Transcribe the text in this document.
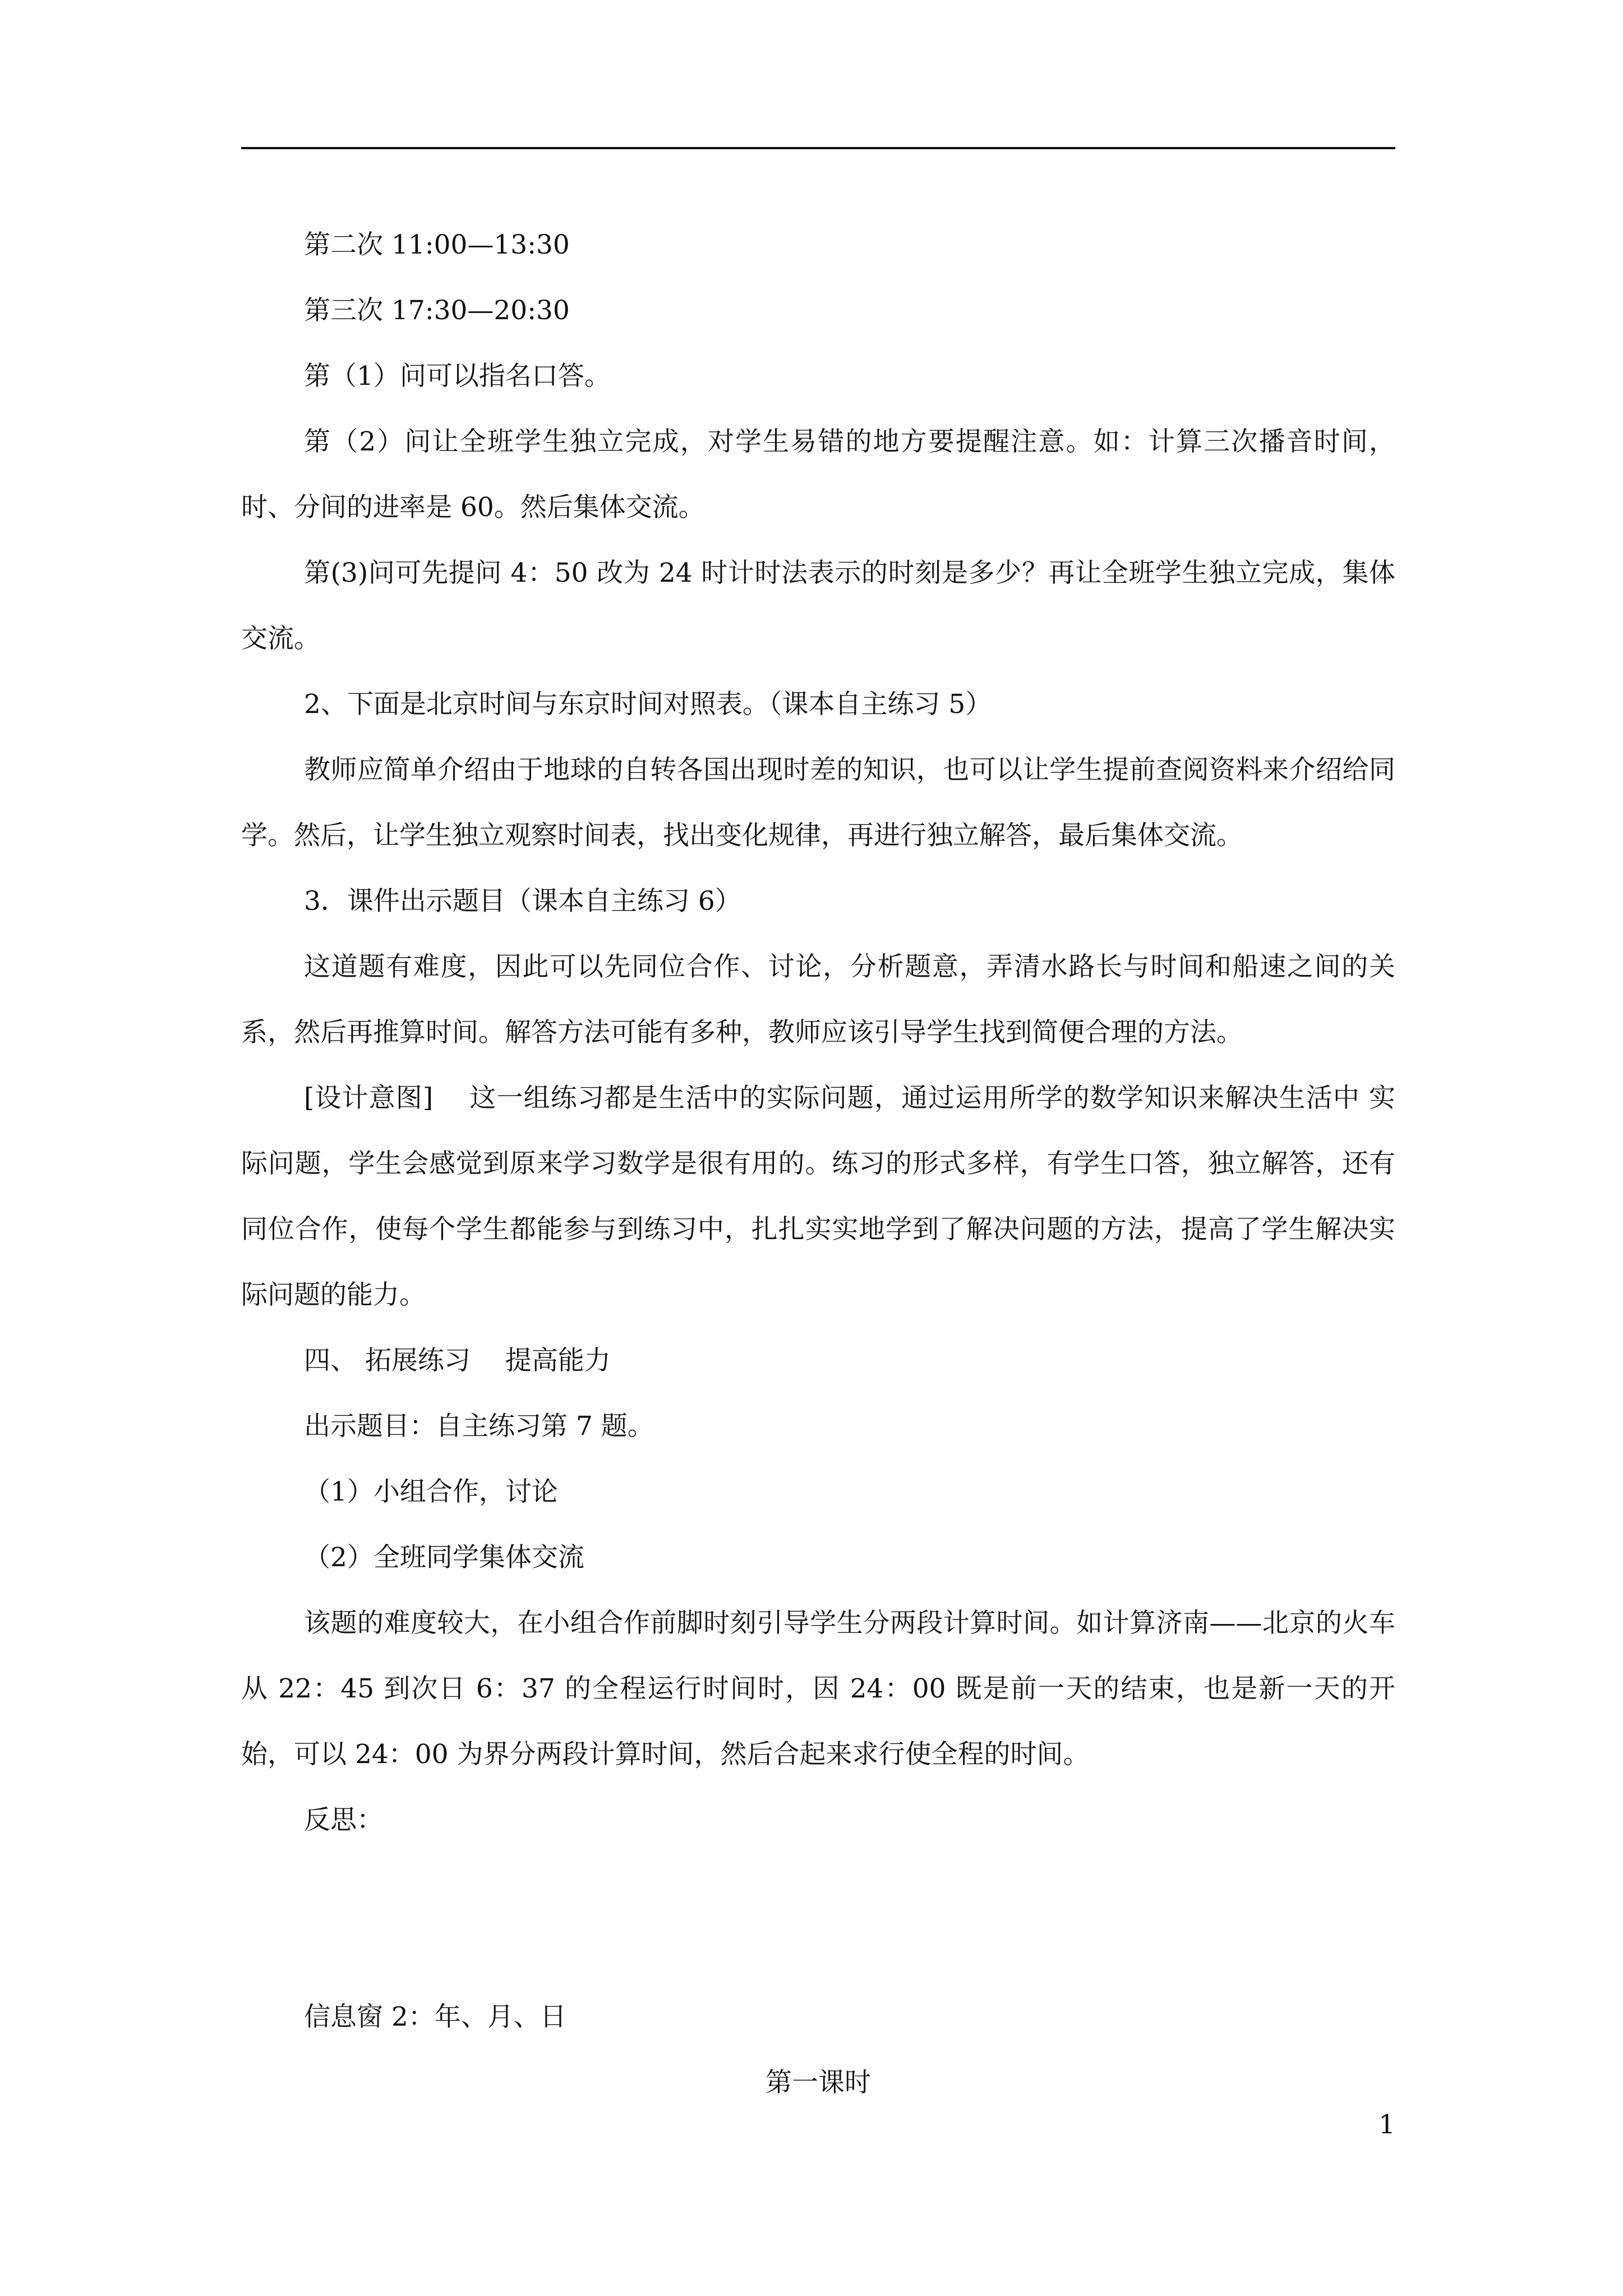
第二次 11:00—13:30

第三次 17:30—20:30

第（1）问可以指名口答。

第（2）问让全班学生独立完成，对学生易错的地方要提醒注意。如：计算三次播音时间，时、分间的进率是 60。然后集体交流。

第(3)问可先提问 4：50 改为 24 时计时法表示的时刻是多少？再让全班学生独立完成，集体交流。

2、下面是北京时间与东京时间对照表。（课本自主练习 5）

教师应简单介绍由于地球的自转各国出现时差的知识，也可以让学生提前查阅资料来介绍给同学。然后，让学生独立观察时间表，找出变化规律，再进行独立解答，最后集体交流。

3．课件出示题目（课本自主练习 6）

这道题有难度，因此可以先同位合作、讨论，分析题意，弄清水路长与时间和船速之间的关系，然后再推算时间。解答方法可能有多种，教师应该引导学生找到简便合理的方法。

[设计意图]　 这一组练习都是生活中的实际问题，通过运用所学的数学知识来解决生活中 实际问题，学生会感觉到原来学习数学是很有用的。练习的形式多样，有学生口答，独立解答，还有同位合作，使每个学生都能参与到练习中，扎扎实实地学到了解决问题的方法，提高了学生解决实际问题的能力。

四、 拓展练习　 提高能力

出示题目：自主练习第 7 题。

（1）小组合作，讨论

（2）全班同学集体交流

该题的难度较大，在小组合作前脚时刻引导学生分两段计算时间。如计算济南——北京的火车从 22：45 到次日 6：37 的全程运行时间时，因 24：00 既是前一天的结束，也是新一天的开始，可以 24：00 为界分两段计算时间，然后合起来求行使全程的时间。

反思：

信息窗 2：年、月、日

第一课时

1
